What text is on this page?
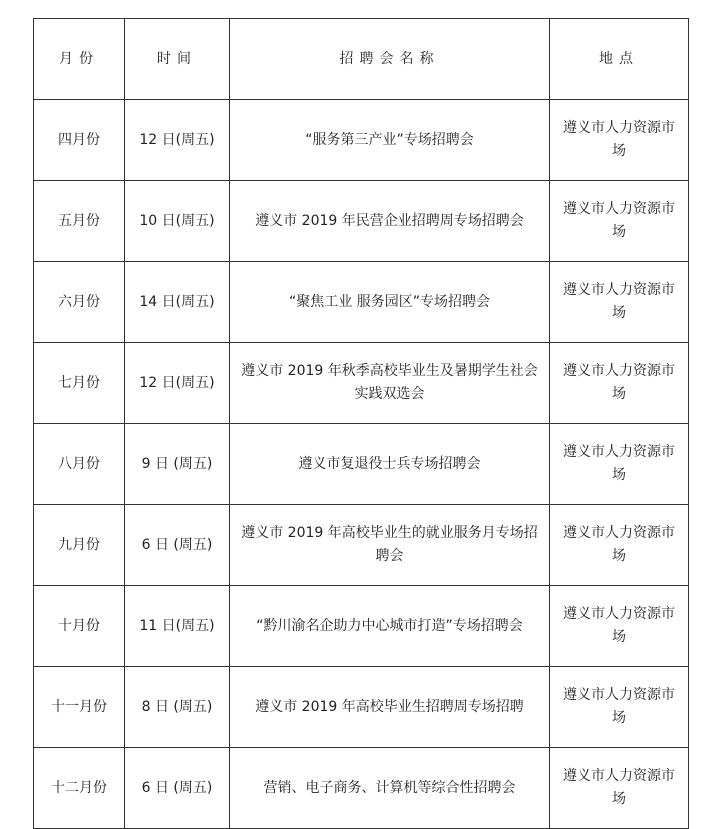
月份	时间	招聘会名称	地点
四月份	12 日(周五)	“服务第三产业”专场招聘会	遵义市人力资源市场
五月份	10 日(周五)	遵义市 2019 年民营企业招聘周专场招聘会	遵义市人力资源市场
六月份	14 日(周五)	“聚焦工业 服务园区”专场招聘会	遵义市人力资源市场
七月份	12 日(周五)	遵义市 2019 年秋季高校毕业生及暑期学生社会实践双选会	遵义市人力资源市场
八月份	9 日 (周五)	遵义市复退役士兵专场招聘会	遵义市人力资源市场
九月份	6 日 (周五)	遵义市 2019 年高校毕业生的就业服务月专场招聘会	遵义市人力资源市场
十月份	11 日(周五)	“黔川渝名企助力中心城市打造”专场招聘会	遵义市人力资源市场
十一月份	8 日 (周五)	遵义市 2019 年高校毕业生招聘周专场招聘	遵义市人力资源市场
十二月份	6 日 (周五)	营销、电子商务、计算机等综合性招聘会	遵义市人力资源市场
